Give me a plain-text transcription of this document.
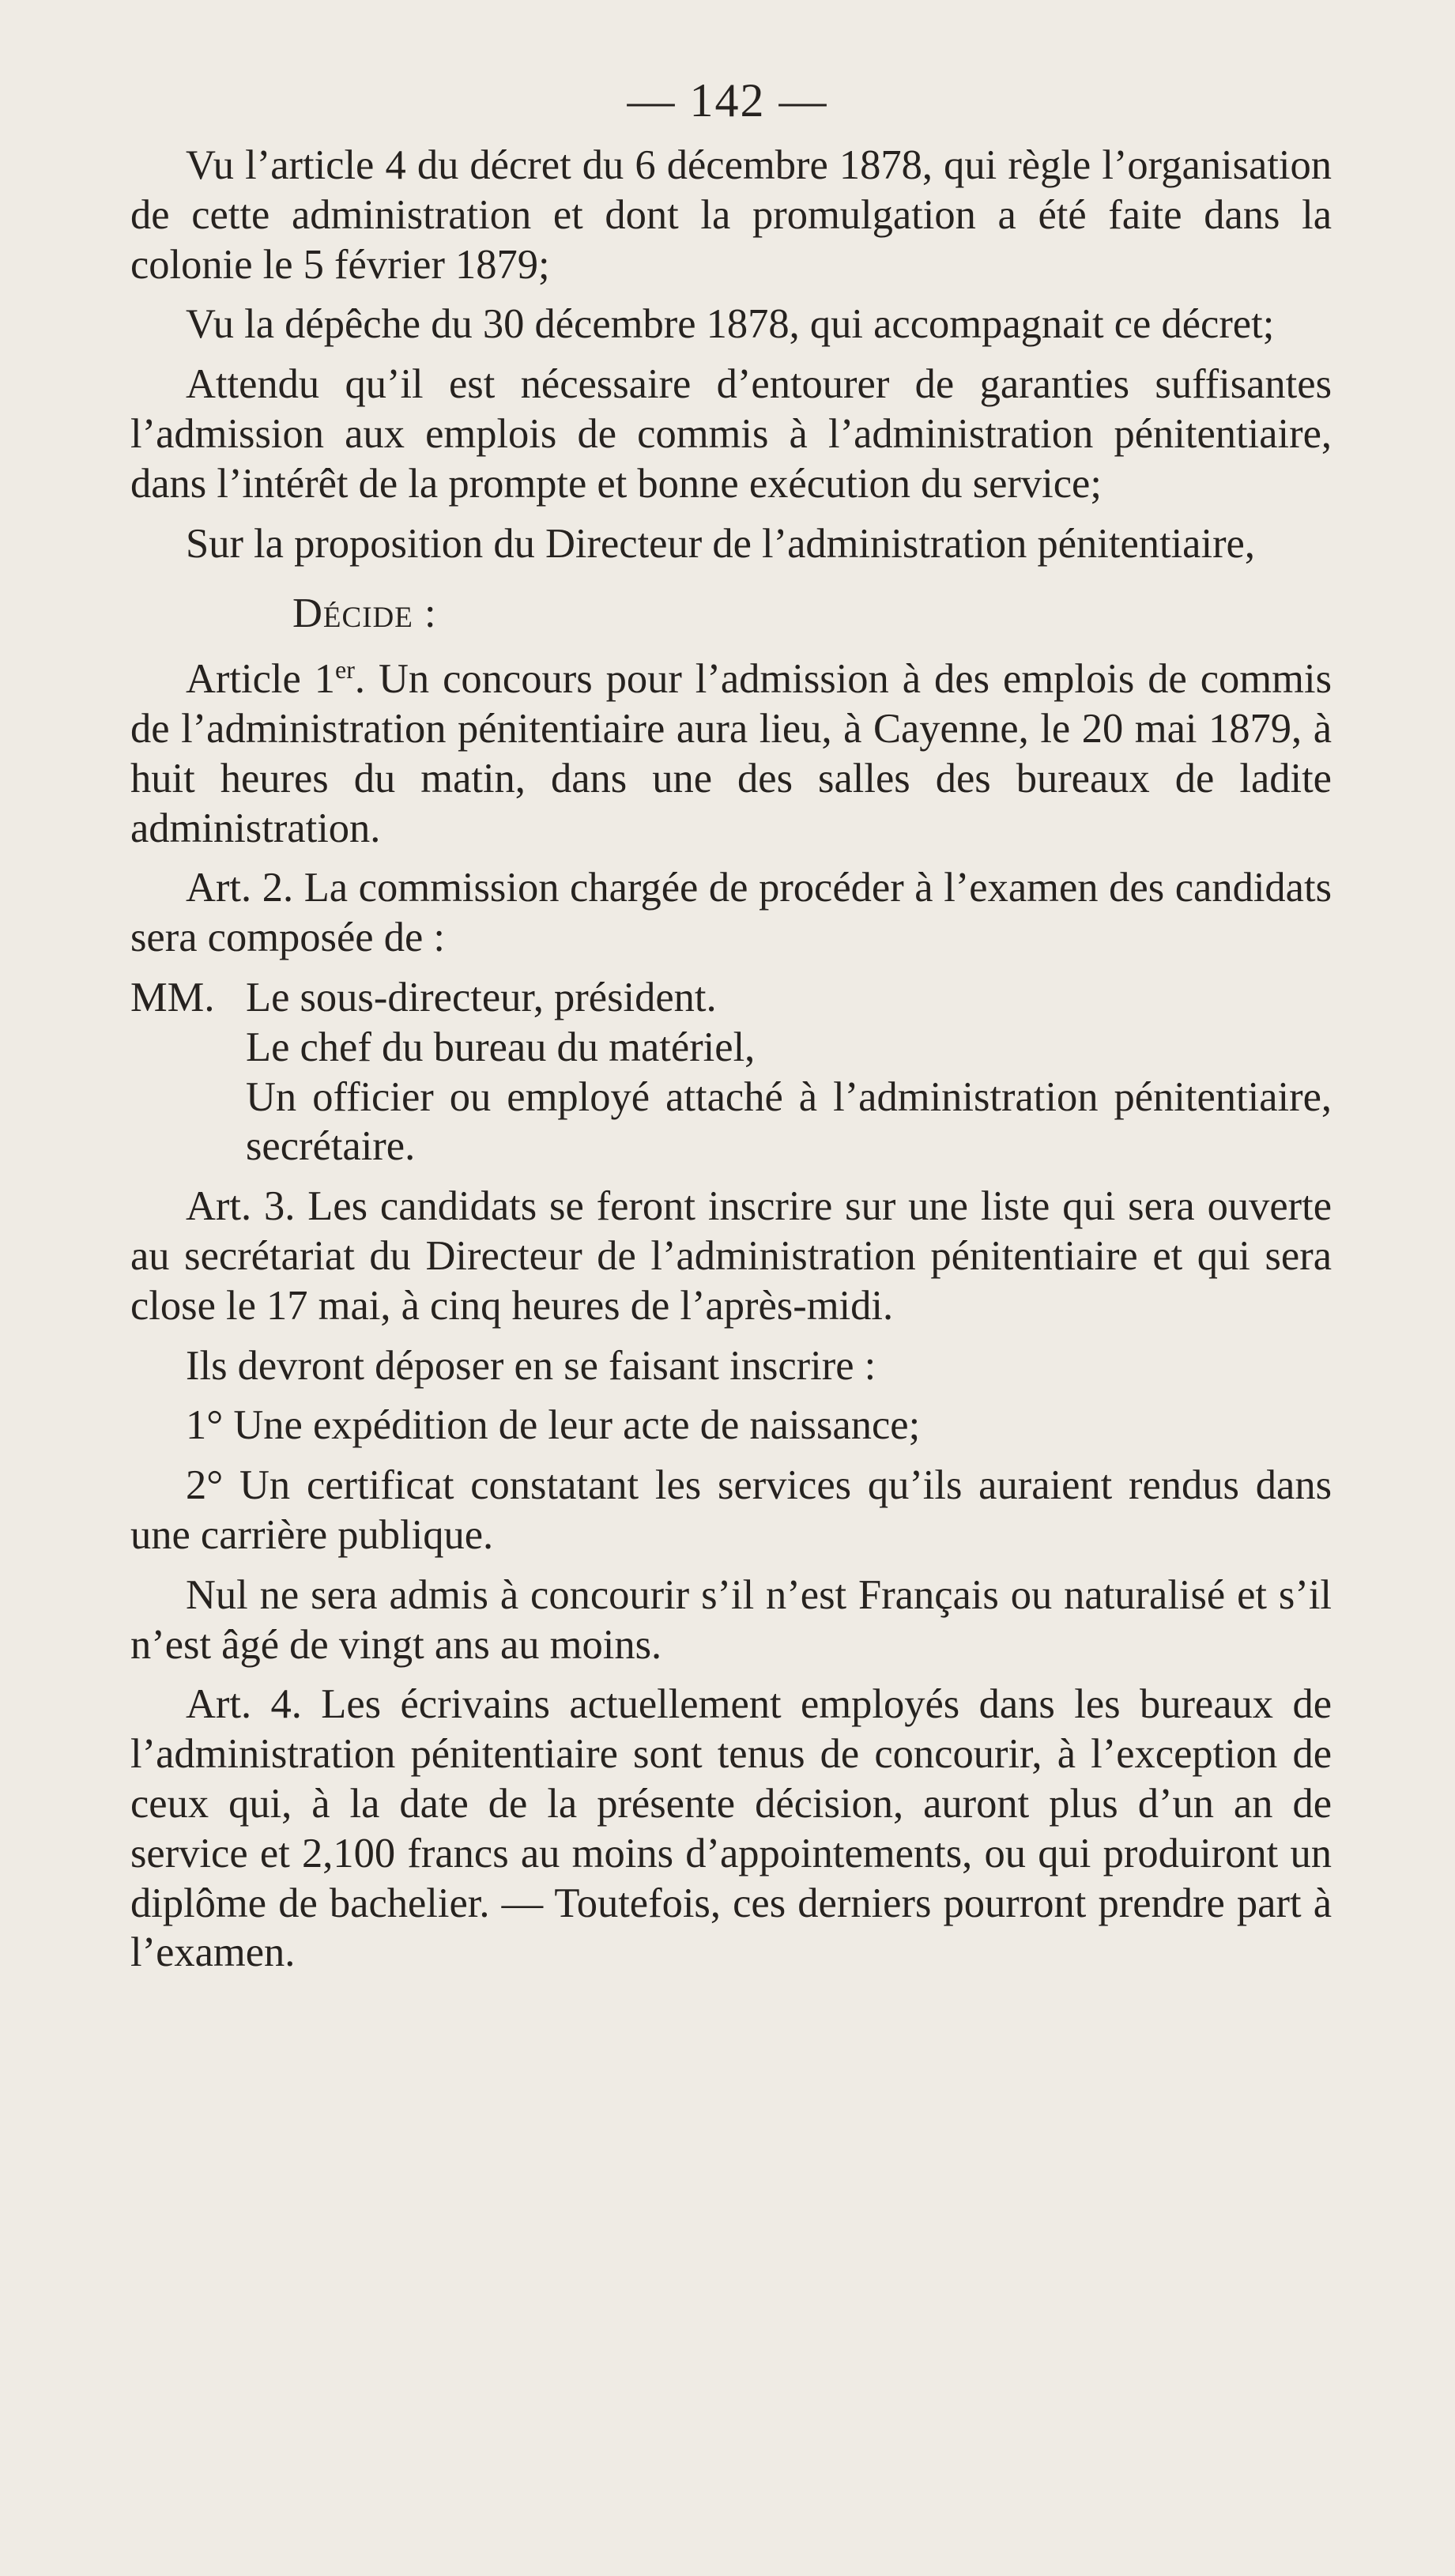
— 142 —

Vu l’article 4 du décret du 6 décembre 1878, qui règle l’organisation de cette administration et dont la promulgation a été faite dans la colonie le 5 février 1879;

Vu la dépêche du 30 décembre 1878, qui accompagnait ce décret;

Attendu qu’il est nécessaire d’entourer de garanties suffisantes l’admission aux emplois de commis à l’administration pénitentiaire, dans l’intérêt de la prompte et bonne exécution du service;

Sur la proposition du Directeur de l’administration pénitentiaire,

Décide :

Article 1er. Un concours pour l’admission à des emplois de commis de l’administration pénitentiaire aura lieu, à Cayenne, le 20 mai 1879, à huit heures du matin, dans une des salles des bureaux de ladite administration.

Art. 2. La commission chargée de procéder à l’examen des candidats sera composée de :

MM. Le sous-directeur, président.
Le chef du bureau du matériel,
Un officier ou employé attaché à l’administration pénitentiaire, secrétaire.

Art. 3. Les candidats se feront inscrire sur une liste qui sera ouverte au secrétariat du Directeur de l’administration pénitentiaire et qui sera close le 17 mai, à cinq heures de l’après-midi.

Ils devront déposer en se faisant inscrire :

1° Une expédition de leur acte de naissance;

2° Un certificat constatant les services qu’ils auraient rendus dans une carrière publique.

Nul ne sera admis à concourir s’il n’est Français ou naturalisé et s’il n’est âgé de vingt ans au moins.

Art. 4. Les écrivains actuellement employés dans les bureaux de l’administration pénitentiaire sont tenus de concourir, à l’exception de ceux qui, à la date de la présente décision, auront plus d’un an de service et 2,100 francs au moins d’appointements, ou qui produiront un diplôme de bachelier. — Toutefois, ces derniers pourront prendre part à l’examen.
